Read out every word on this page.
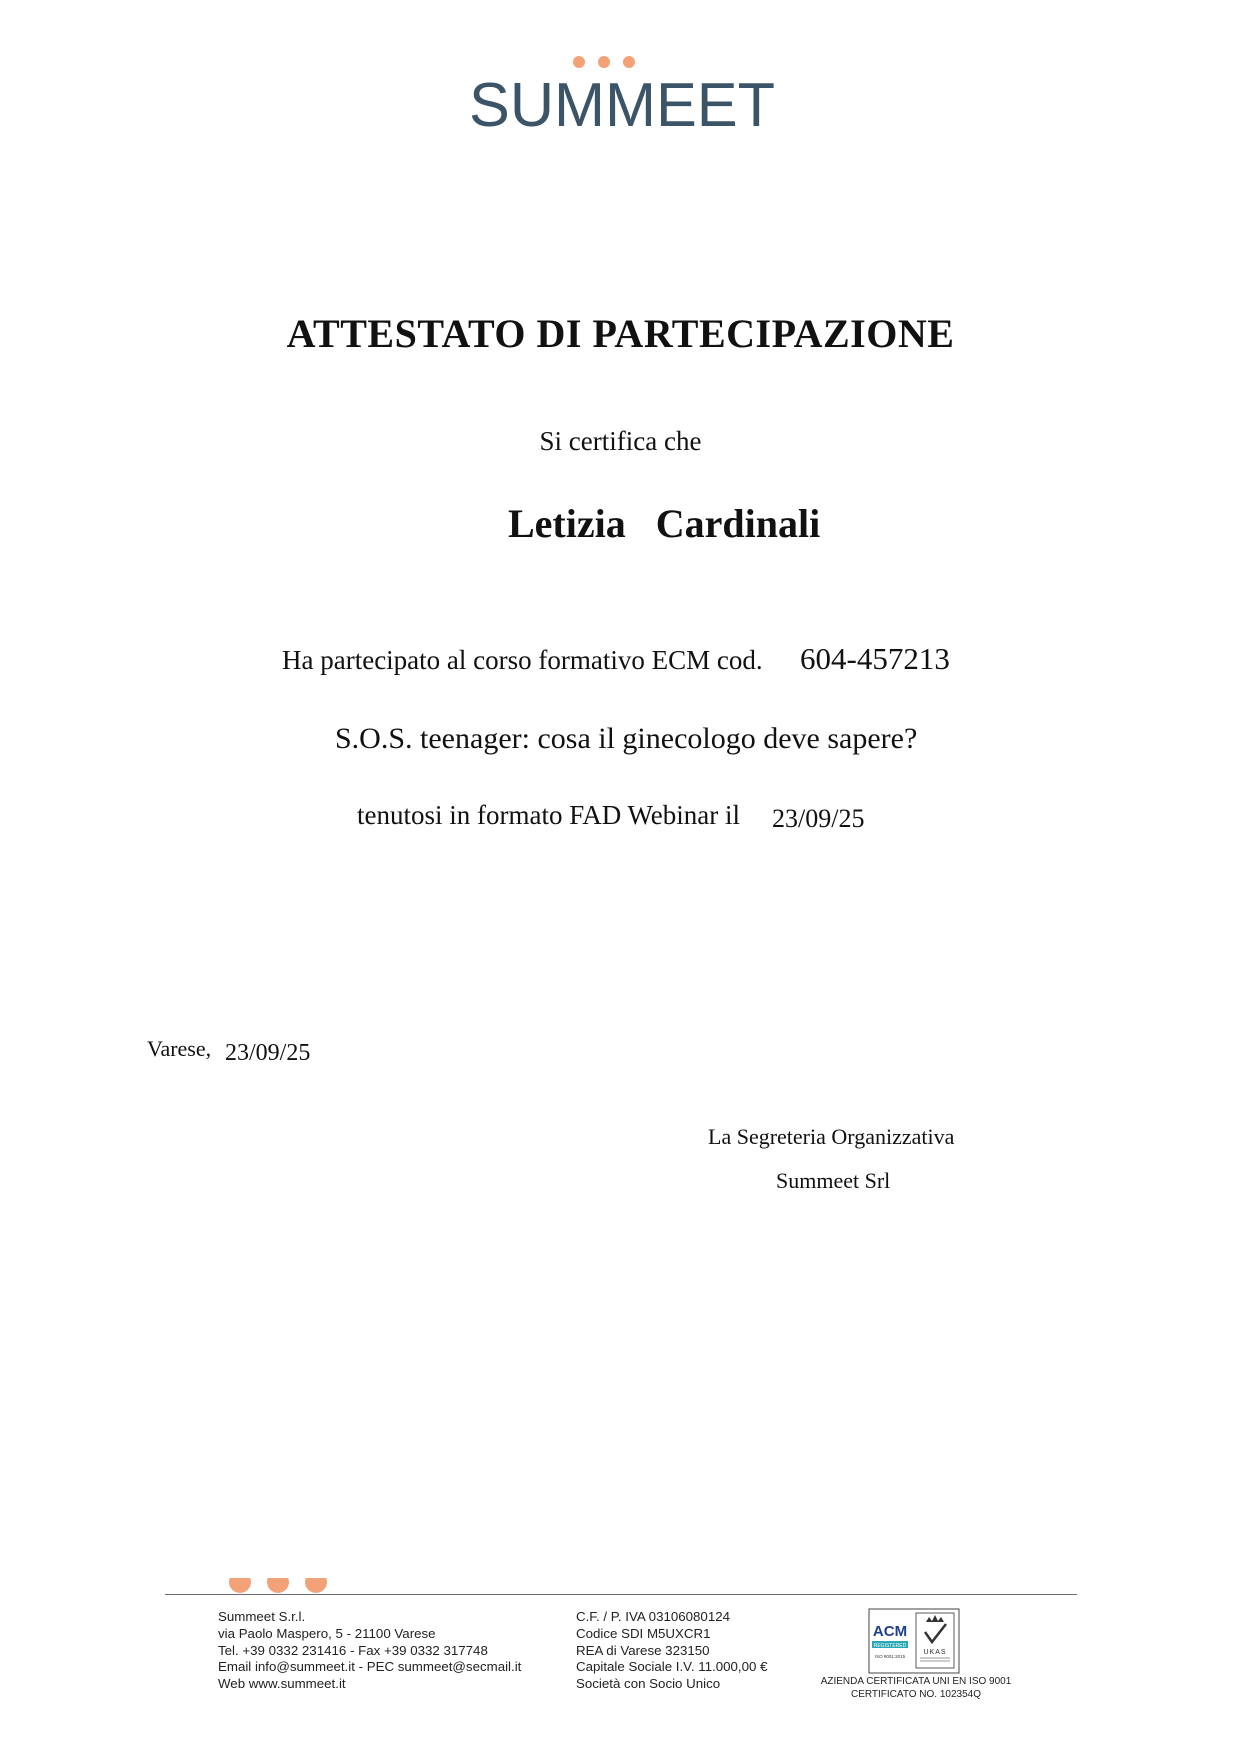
SUMMEET
ATTESTATO DI PARTECIPAZIONE
Si certifica che
Letizia   Cardinali
Ha partecipato al corso formativo ECM cod. 604-457213
S.O.S. teenager: cosa il ginecologo deve sapere?
tenutosi in formato FAD Webinar il 23/09/25
Varese, 23/09/25
La Segreteria Organizzativa
Summeet Srl
Summeet S.r.l.
via Paolo Maspero, 5 - 21100 Varese
Tel. +39 0332 231416 - Fax +39 0332 317748
Email info@summeet.it - PEC summeet@secmail.it
Web www.summeet.it
C.F. / P. IVA 03106080124
Codice SDI M5UXCR1
REA di Varese 323150
Capitale Sociale I.V. 11.000,00 €
Società con Socio Unico
ACM
REGISTERED
ISO 9001:2015
UKAS
AZIENDA CERTIFICATA UNI EN ISO 9001
CERTIFICATO NO. 102354Q
